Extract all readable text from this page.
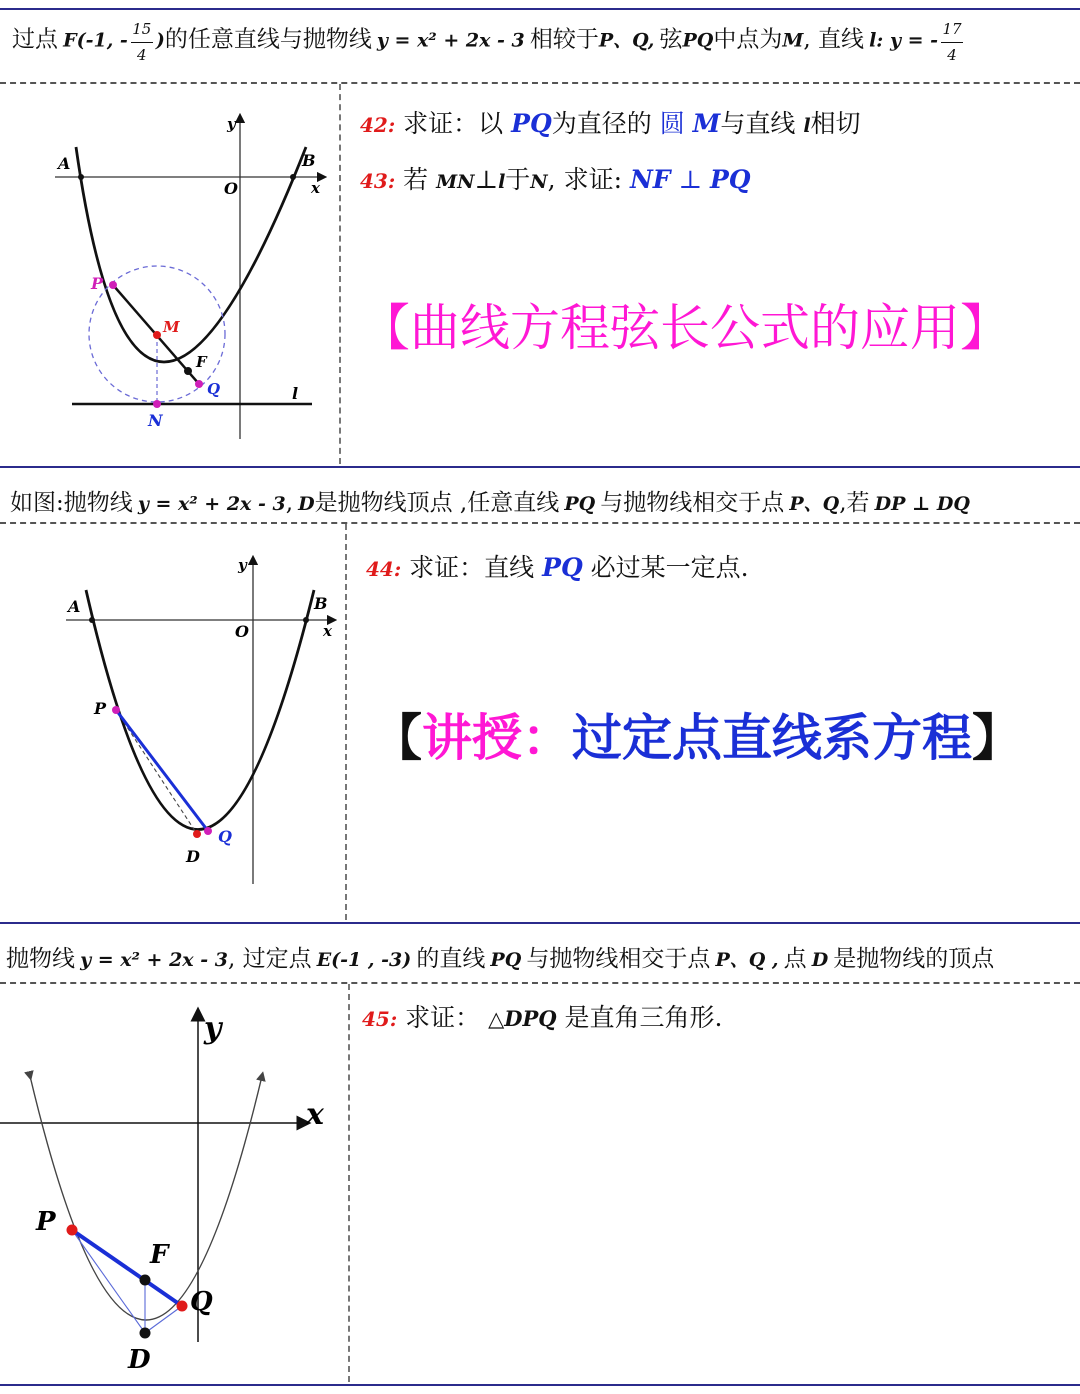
过点 F(-1, - $\frac{15}{4}$ )的任意直线与抛物线 y = x² + 2x - 3 相较于P、Q, 弦PQ中点为M, 直线 l: y = - $\frac{17}{4}$
y
x
O
A	B
P
M
F
Q
N
l
42: 求证：以 PQ为直径的 圆 M与直线 l相切
43: 若 MN⊥l于N, 求证: NF ⊥ PQ
【曲线方程弦长公式的应用】
如图:抛物线 y = x² + 2x - 3, D是抛物线顶点 ,任意直线 PQ 与抛物线相交于点 P、Q,若 DP ⊥ DQ
y
x
O
A	B
P
Q
D
44: 求证：直线 PQ 必过某一定点.
【讲授：过定点直线系方程】
抛物线 y = x² + 2x - 3, 过定点 E(-1 , -3) 的直线 PQ 与抛物线相交于点 P、Q , 点 D 是抛物线的顶点
y
x
P
F
Q
D
45: 求证： △DPQ 是直角三角形.
